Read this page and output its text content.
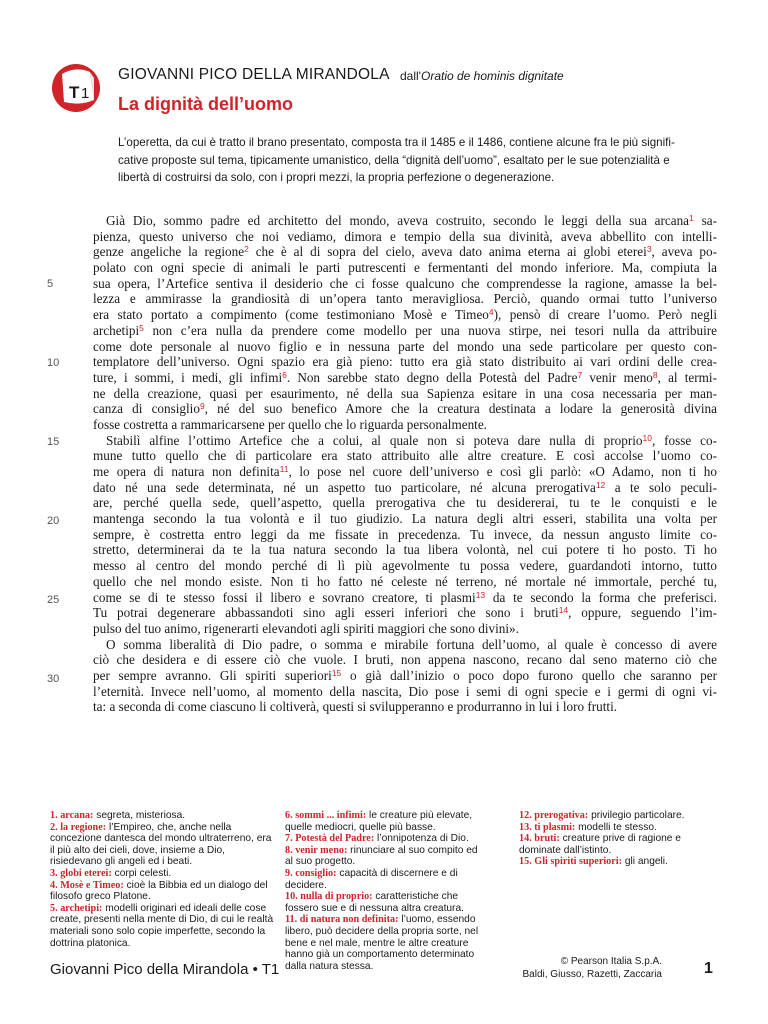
T 1
GIOVANNI PICO DELLA MIRANDOLA dall'Oratio de hominis dignitate
La dignità dell’uomo

L’operetta, da cui è tratto il brano presentato, composta tra il 1485 e il 1486, contiene alcune fra le più signifi-

cative proposte sul tema, tipicamente umanistico, della “dignità dell’uomo”, esaltato per le sue potenzialità e

libertà di costruirsi da solo, con i propri mezzi, la propria perfezione o degenerazione.

5
10
15
20
25
30
Già Dio, sommo padre ed architetto del mondo, aveva costruito, secondo le leggi della sua arcana$^1$ sa-
pienza, questo universo che noi vediamo, dimora e tempio della sua divinità, aveva abbellito con intelli-
genze angeliche la regione$^2$ che è al di sopra del cielo, aveva dato anima eterna ai globi eterei$^3$, aveva po-
polato con ogni specie di animali le parti putrescenti e fermentanti del mondo inferiore. Ma, compiuta la
sua opera, l’Artefice sentiva il desiderio che ci fosse qualcuno che comprendesse la ragione, amasse la bel-
lezza e ammirasse la grandiosità di un’opera tanto meravigliosa. Perciò, quando ormai tutto l’universo
era stato portato a compimento (come testimoniano Mosè e Timeo$^4$), pensò di creare l’uomo. Però negli
archetipi$^5$ non c’era nulla da prendere come modello per una nuova stirpe, nei tesori nulla da attribuire
come dote personale al nuovo figlio e in nessuna parte del mondo una sede particolare per questo con-
templatore dell’universo. Ogni spazio era già pieno: tutto era già stato distribuito ai vari ordini delle crea-
ture, i sommi, i medi, gli infimi$^6$. Non sarebbe stato degno della Potestà del Padre$^7$ venir meno$^8$, al termi-
ne della creazione, quasi per esaurimento, né della sua Sapienza esitare in una cosa necessaria per man-
canza di consiglio$^9$, né del suo benefico Amore che la creatura destinata a lodare la generosità divina
fosse costretta a rammaricarsene per quello che lo riguarda personalmente.
Stabilì alfine l’ottimo Artefice che a colui, al quale non si poteva dare nulla di proprio$^{10}$, fosse co-
mune tutto quello che di particolare era stato attribuito alle altre creature. E così accolse l’uomo co-
me opera di natura non definita$^{11}$, lo pose nel cuore dell’universo e così gli parlò: «O Adamo, non ti ho
dato né una sede determinata, né un aspetto tuo particolare, né alcuna prerogativa$^{12}$ a te solo peculi-
are, perché quella sede, quell’aspetto, quella prerogativa che tu desidererai, tu te le conquisti e le
mantenga secondo la tua volontà e il tuo giudizio. La natura degli altri esseri, stabilita una volta per
sempre, è costretta entro leggi da me fissate in precedenza. Tu invece, da nessun angusto limite co-
stretto, determinerai da te la tua natura secondo la tua libera volontà, nel cui potere ti ho posto. Ti ho
messo al centro del mondo perché di lì più agevolmente tu possa vedere, guardandoti intorno, tutto
quello che nel mondo esiste. Non ti ho fatto né celeste né terreno, né mortale né immortale, perché tu,
come se di te stesso fossi il libero e sovrano creatore, ti plasmi$^{13}$ da te secondo la forma che preferisci.
Tu potrai degenerare abbassandoti sino agli esseri inferiori che sono i bruti$^{14}$, oppure, seguendo l’im-
pulso del tuo animo, rigenerarti elevandoti agli spiriti maggiori che sono divini».
O somma liberalità di Dio padre, o somma e mirabile fortuna dell’uomo, al quale è concesso di avere
ciò che desidera e di essere ciò che vuole. I bruti, non appena nascono, recano dal seno materno ciò che
per sempre avranno. Gli spiriti superiori$^{15}$ o già dall’inizio o poco dopo furono quello che saranno per
l’eternità. Invece nell’uomo, al momento della nascita, Dio pose i semi di ogni specie e i germi di ogni vi-
ta: a seconda di come ciascuno li coltiverà, questi si svilupperanno e produrranno in lui i loro frutti.

1. arcana: segreta, misteriosa.

2. la regione: l’Empireo, che, anche nella concezione dantesca del mondo ultraterreno, era il più alto dei cieli, dove, insieme a Dio, risiedevano gli angeli ed i beati.

3. globi eterei: corpi celesti.

4. Mosè e Timeo: cioè la Bibbia ed un dialogo del filosofo greco Platone.

5. archetipi: modelli originari ed ideali delle cose create, presenti nella mente di Dio, di cui le realtà materiali sono solo copie imperfette, secondo la dottrina platonica.

6. sommi ... infimi: le creature più elevate, quelle mediocri, quelle più basse.

7. Potestà del Padre: l’onnipotenza di Dio.

8. venir meno: rinunciare al suo compito ed al suo progetto.

9. consiglio: capacità di discernere e di decidere.

10. nulla di proprio: caratteristiche che fossero sue e di nessuna altra creatura.

11. di natura non definita: l’uomo, essendo libero, può decidere della propria sorte, nel bene e nel male, mentre le altre creature hanno già un comportamento determinato dalla natura stessa.

12. prerogativa: privilegio particolare.

13. ti plasmi: modelli te stesso.

14. bruti: creature prive di ragione e dominate dall’istinto.

15. Gli spiriti superiori: gli angeli.

Giovanni Pico della Mirandola • T1	© Pearson Italia S.p.A.
Baldi, Giusso, Razetti, Zaccaria	1
